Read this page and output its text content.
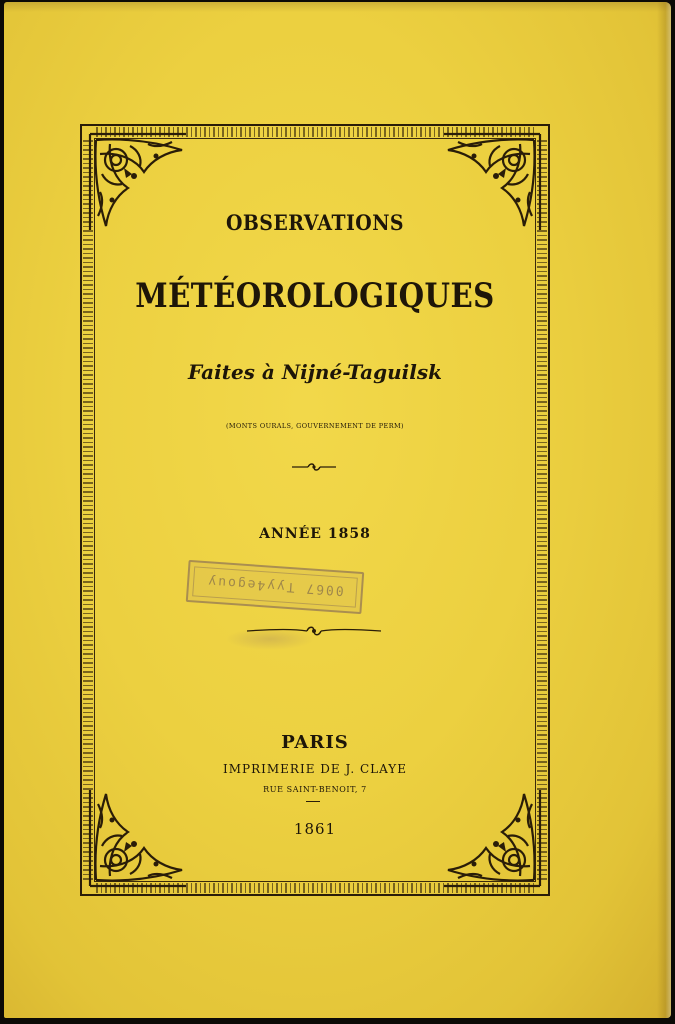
OBSERVATIONS

MÉTÉOROLOGIQUES

Faites à Nijné-Taguilsk

(MONTS OURALS, GOUVERNEMENT DE PERM)

ANNÉE 1858

0067 Tyy4egouy

PARIS

IMPRIMERIE DE J. CLAYE

RUE SAINT-BENOIT, 7

1861
